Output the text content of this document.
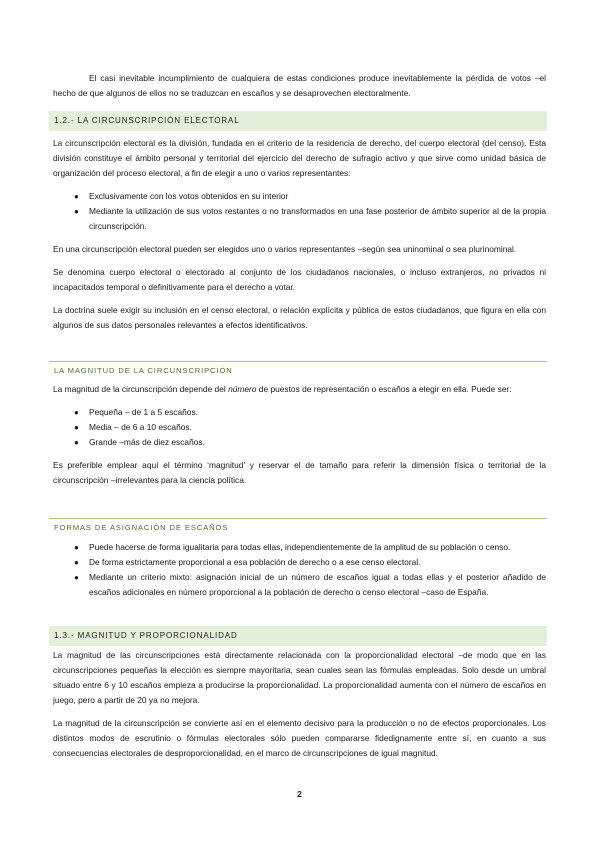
El casi inevitable incumplimiento de cualquiera de estas condiciones produce inevitablemente la pérdida de votos –el hecho de que algunos de ellos no se traduzcan en escaños y se desaprovechen electoralmente.

1.2.- LA CIRCUNSCRIPCIÓN ELECTORAL

La circunscripción electoral es la división, fundada en el criterio de la residencia de derecho, del cuerpo electoral (del censo). Esta división constituye el ámbito personal y territorial del ejercicio del derecho de sufragio activo y que sirve como unidad básica de organización del proceso electoral, a fin de elegir a uno o varios representantes:

● Exclusivamente con los votos obtenidos en su interior
● Mediante la utilización de sus votos restantes o no transformados en una fase posterior de ámbito superior al de la propia circunscripción.

En una circunscripción electoral pueden ser elegidos uno o varios representantes –según sea uninominal o sea plurinominal.

Se denomina cuerpo electoral o electorado al conjunto de los ciudadanos nacionales, o incluso extranjeros, no privados ni incapacitados temporal o definitivamente para el derecho a votar.

La doctrina suele exigir su inclusión en el censo electoral, o relación explícita y pública de estos ciudadanos, que figura en ella con algunos de sus datos personales relevantes a efectos identificativos.

LA MAGNITUD DE LA CIRCUNSCRIPCIÓN

La magnitud de la circunscripción depende del número de puestos de representación o escaños a elegir en ella. Puede ser:

● Pequeña – de 1 a 5 escaños.
● Media – de 6 a 10 escaños.
● Grande –más de diez escaños.

Es preferible emplear aquí el término ‘magnitud’ y reservar el de tamaño para referir la dimensión física o territorial de la circunscripción –irrelevantes para la ciencia política.

FORMAS DE ASIGNACIÓN DE ESCAÑOS
● Puede hacerse de forma igualitaria para todas ellas, independientemente de la amplitud de su población o censo.
● De forma estrictamente proporcional a esa población de derecho o a ese censo electoral.
● Mediante un criterio mixto: asignación inicial de un número de escaños igual a todas ellas y el posterior añadido de escaños adicionales en número proporcional a la población de derecho o censo electoral –caso de España.
1.3.- MAGNITUD Y PROPORCIONALIDAD

La magnitud de las circunscripciones está directamente relacionada con la proporcionalidad electoral –de modo que en las circunscripciones pequeñas la elección es siempre mayoritaria, sean cuales sean las fórmulas empleadas. Solo desde un umbral situado entre 6 y 10 escaños empieza a producirse la proporcionalidad. La proporcionalidad aumenta con el número de escaños en juego, pero a partir de 20 ya no mejora.

La magnitud de la circunscripción se convierte así en el elemento decisivo para la producción o no de efectos proporcionales. Los distintos modos de escrutinio o fórmulas electorales sólo pueden compararse fidedignamente entre sí, en cuanto a sus consecuencias electorales de desproporcionalidad, en el marco de circunscripciones de igual magnitud.

2
